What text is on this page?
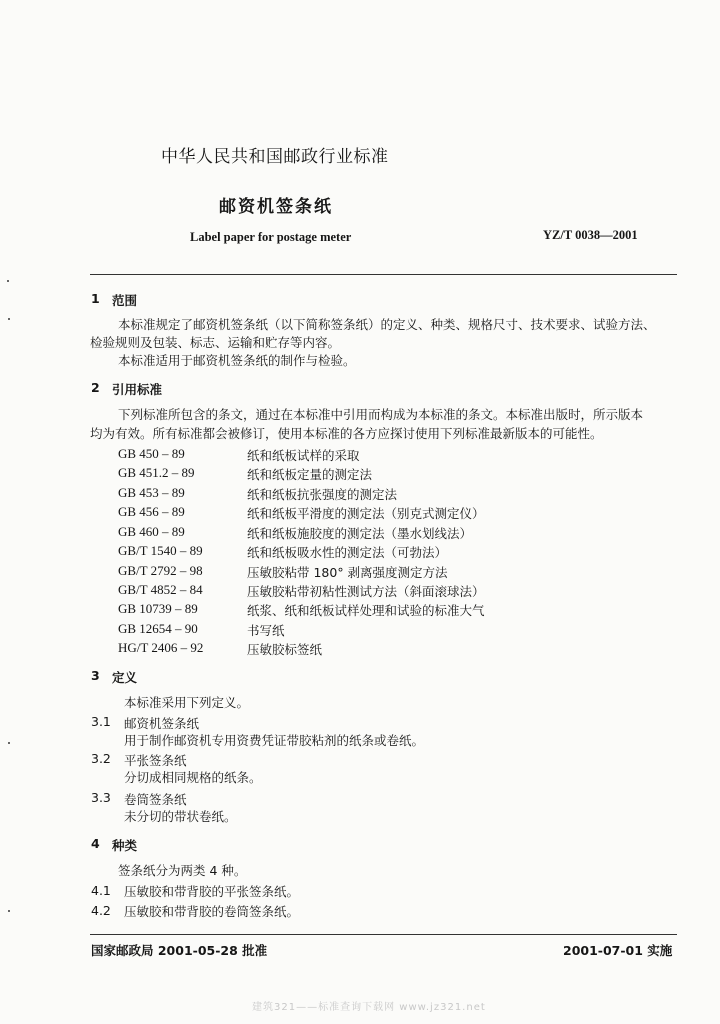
中华人民共和国邮政行业标准
邮资机签条纸
Label paper for postage meter	YZ/T 0038—2001
1 范围
本标准规定了邮资机签条纸（以下简称签条纸）的定义、种类、规格尺寸、技术要求、试验方法、
检验规则及包装、标志、运输和贮存等内容。
本标准适用于邮资机签条纸的制作与检验。
2 引用标准
下列标准所包含的条文，通过在本标准中引用而构成为本标准的条文。本标准出版时，所示版本
均为有效。所有标准都会被修订，使用本标准的各方应探讨使用下列标准最新版本的可能性。
GB 450 – 89	纸和纸板试样的采取
GB 451.2 – 89	纸和纸板定量的测定法
GB 453 – 89	纸和纸板抗张强度的测定法
GB 456 – 89	纸和纸板平滑度的测定法（别克式测定仪）
GB 460 – 89	纸和纸板施胶度的测定法（墨水划线法）
GB/T 1540 – 89	纸和纸板吸水性的测定法（可勃法）
GB/T 2792 – 98	压敏胶粘带 180° 剥离强度测定方法
GB/T 4852 – 84	压敏胶粘带初粘性测试方法（斜面滚球法）
GB 10739 – 89	纸浆、纸和纸板试样处理和试验的标准大气
GB 12654 – 90	书写纸
HG/T 2406 – 92	压敏胶标签纸
3 定义
本标准采用下列定义。
3.1 邮资机签条纸
用于制作邮资机专用资费凭证带胶粘剂的纸条或卷纸。
3.2 平张签条纸
分切成相同规格的纸条。
3.3 卷筒签条纸
未分切的带状卷纸。
4 种类
签条纸分为两类 4 种。
4.1 压敏胶和带背胶的平张签条纸。
4.2 压敏胶和带背胶的卷筒签条纸。
国家邮政局 2001-05-28 批准	2001-07-01 实施
建筑321——标准查询下载网 www.jz321.net
